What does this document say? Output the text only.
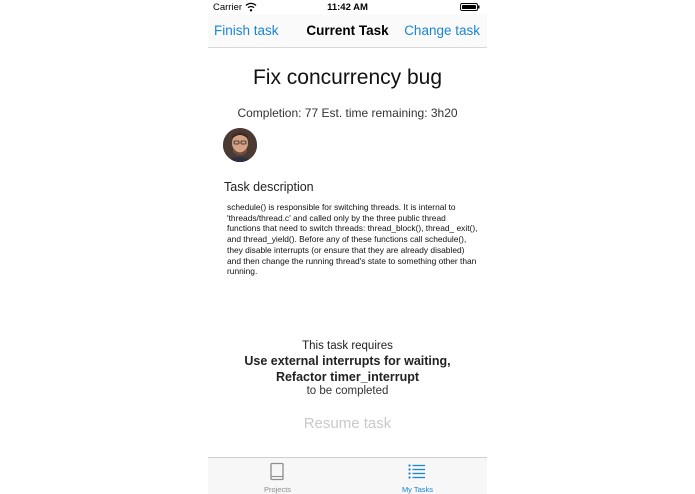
Carrier	11:42 AM
Finish task	Current Task	Change task
Fix concurrency bug
Completion: 77 Est. time remaining: 3h20
Task description
schedule() is responsible for switching threads. It is internal to 'threads/thread.c' and called only by the three public thread functions that need to switch threads: thread_block(), thread_ exit(), and thread_yield(). Before any of these functions call schedule(), they disable interrupts (or ensure that they are already disabled) and then change the running thread's state to something other than running.
This task requires
Use external interrupts for waiting,
Refactor timer_interrupt
to be completed
Resume task
Projects	My Tasks
